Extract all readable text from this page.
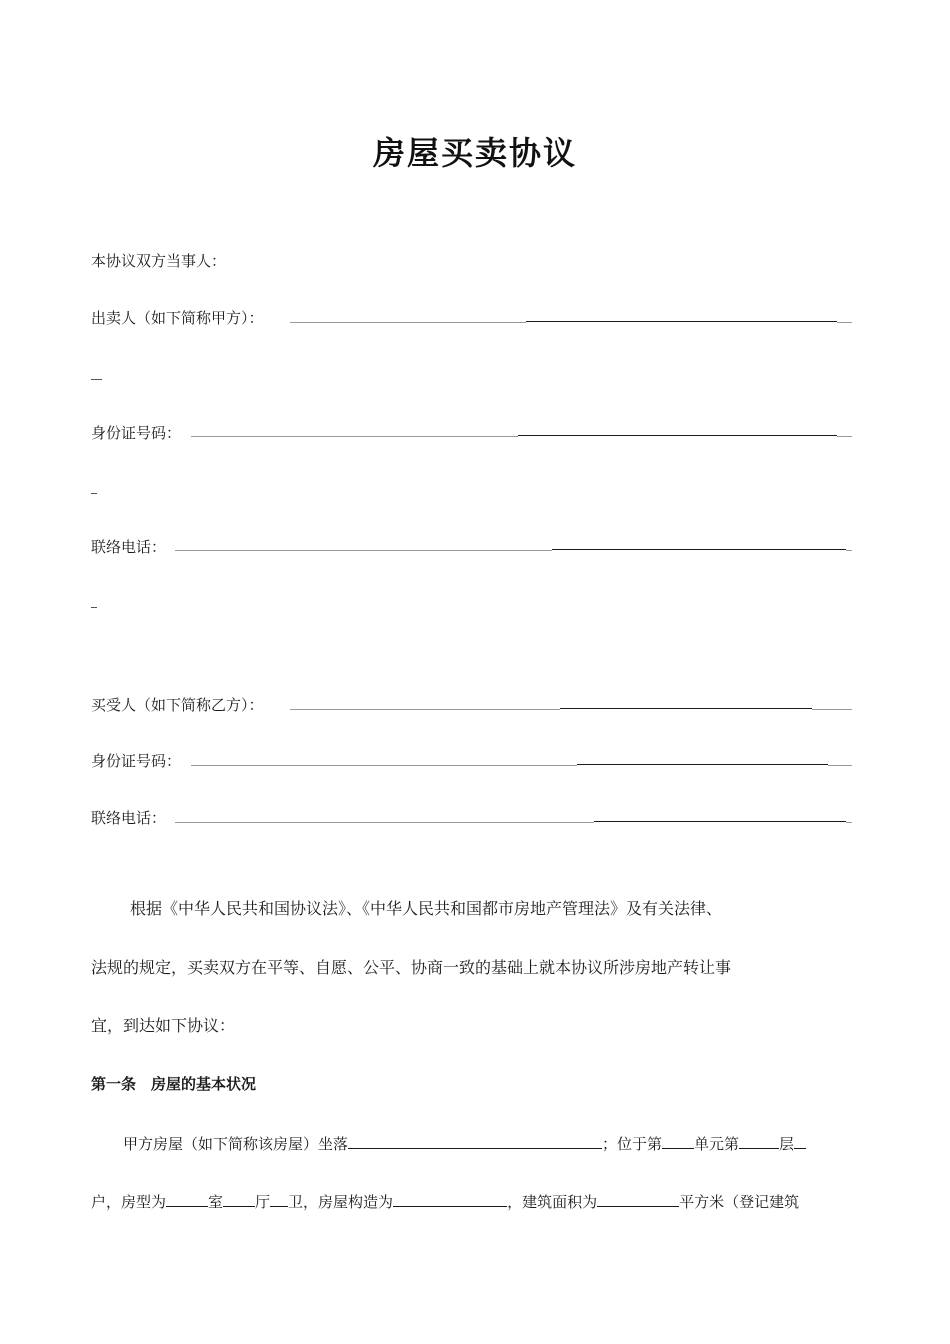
房屋买卖协议
本协议双方当事人：
出卖人（如下简称甲方）：
身份证号码：
联络电话：
买受人（如下简称乙方）：
身份证号码：
联络电话：
根据《中华人民共和国协议法》、《中华人民共和国都市房地产管理法》及有关法律、
法规的规定，买卖双方在平等、自愿、公平、协商一致的基础上就本协议所涉房地产转让事
宜，到达如下协议：
第一条　房屋的基本状况
甲方房屋（如下简称该房屋）坐落	；位于第 单元第	层
户，房型为	室 厅 卫，房屋构造为	，建筑面积为	平方米（登记建筑
